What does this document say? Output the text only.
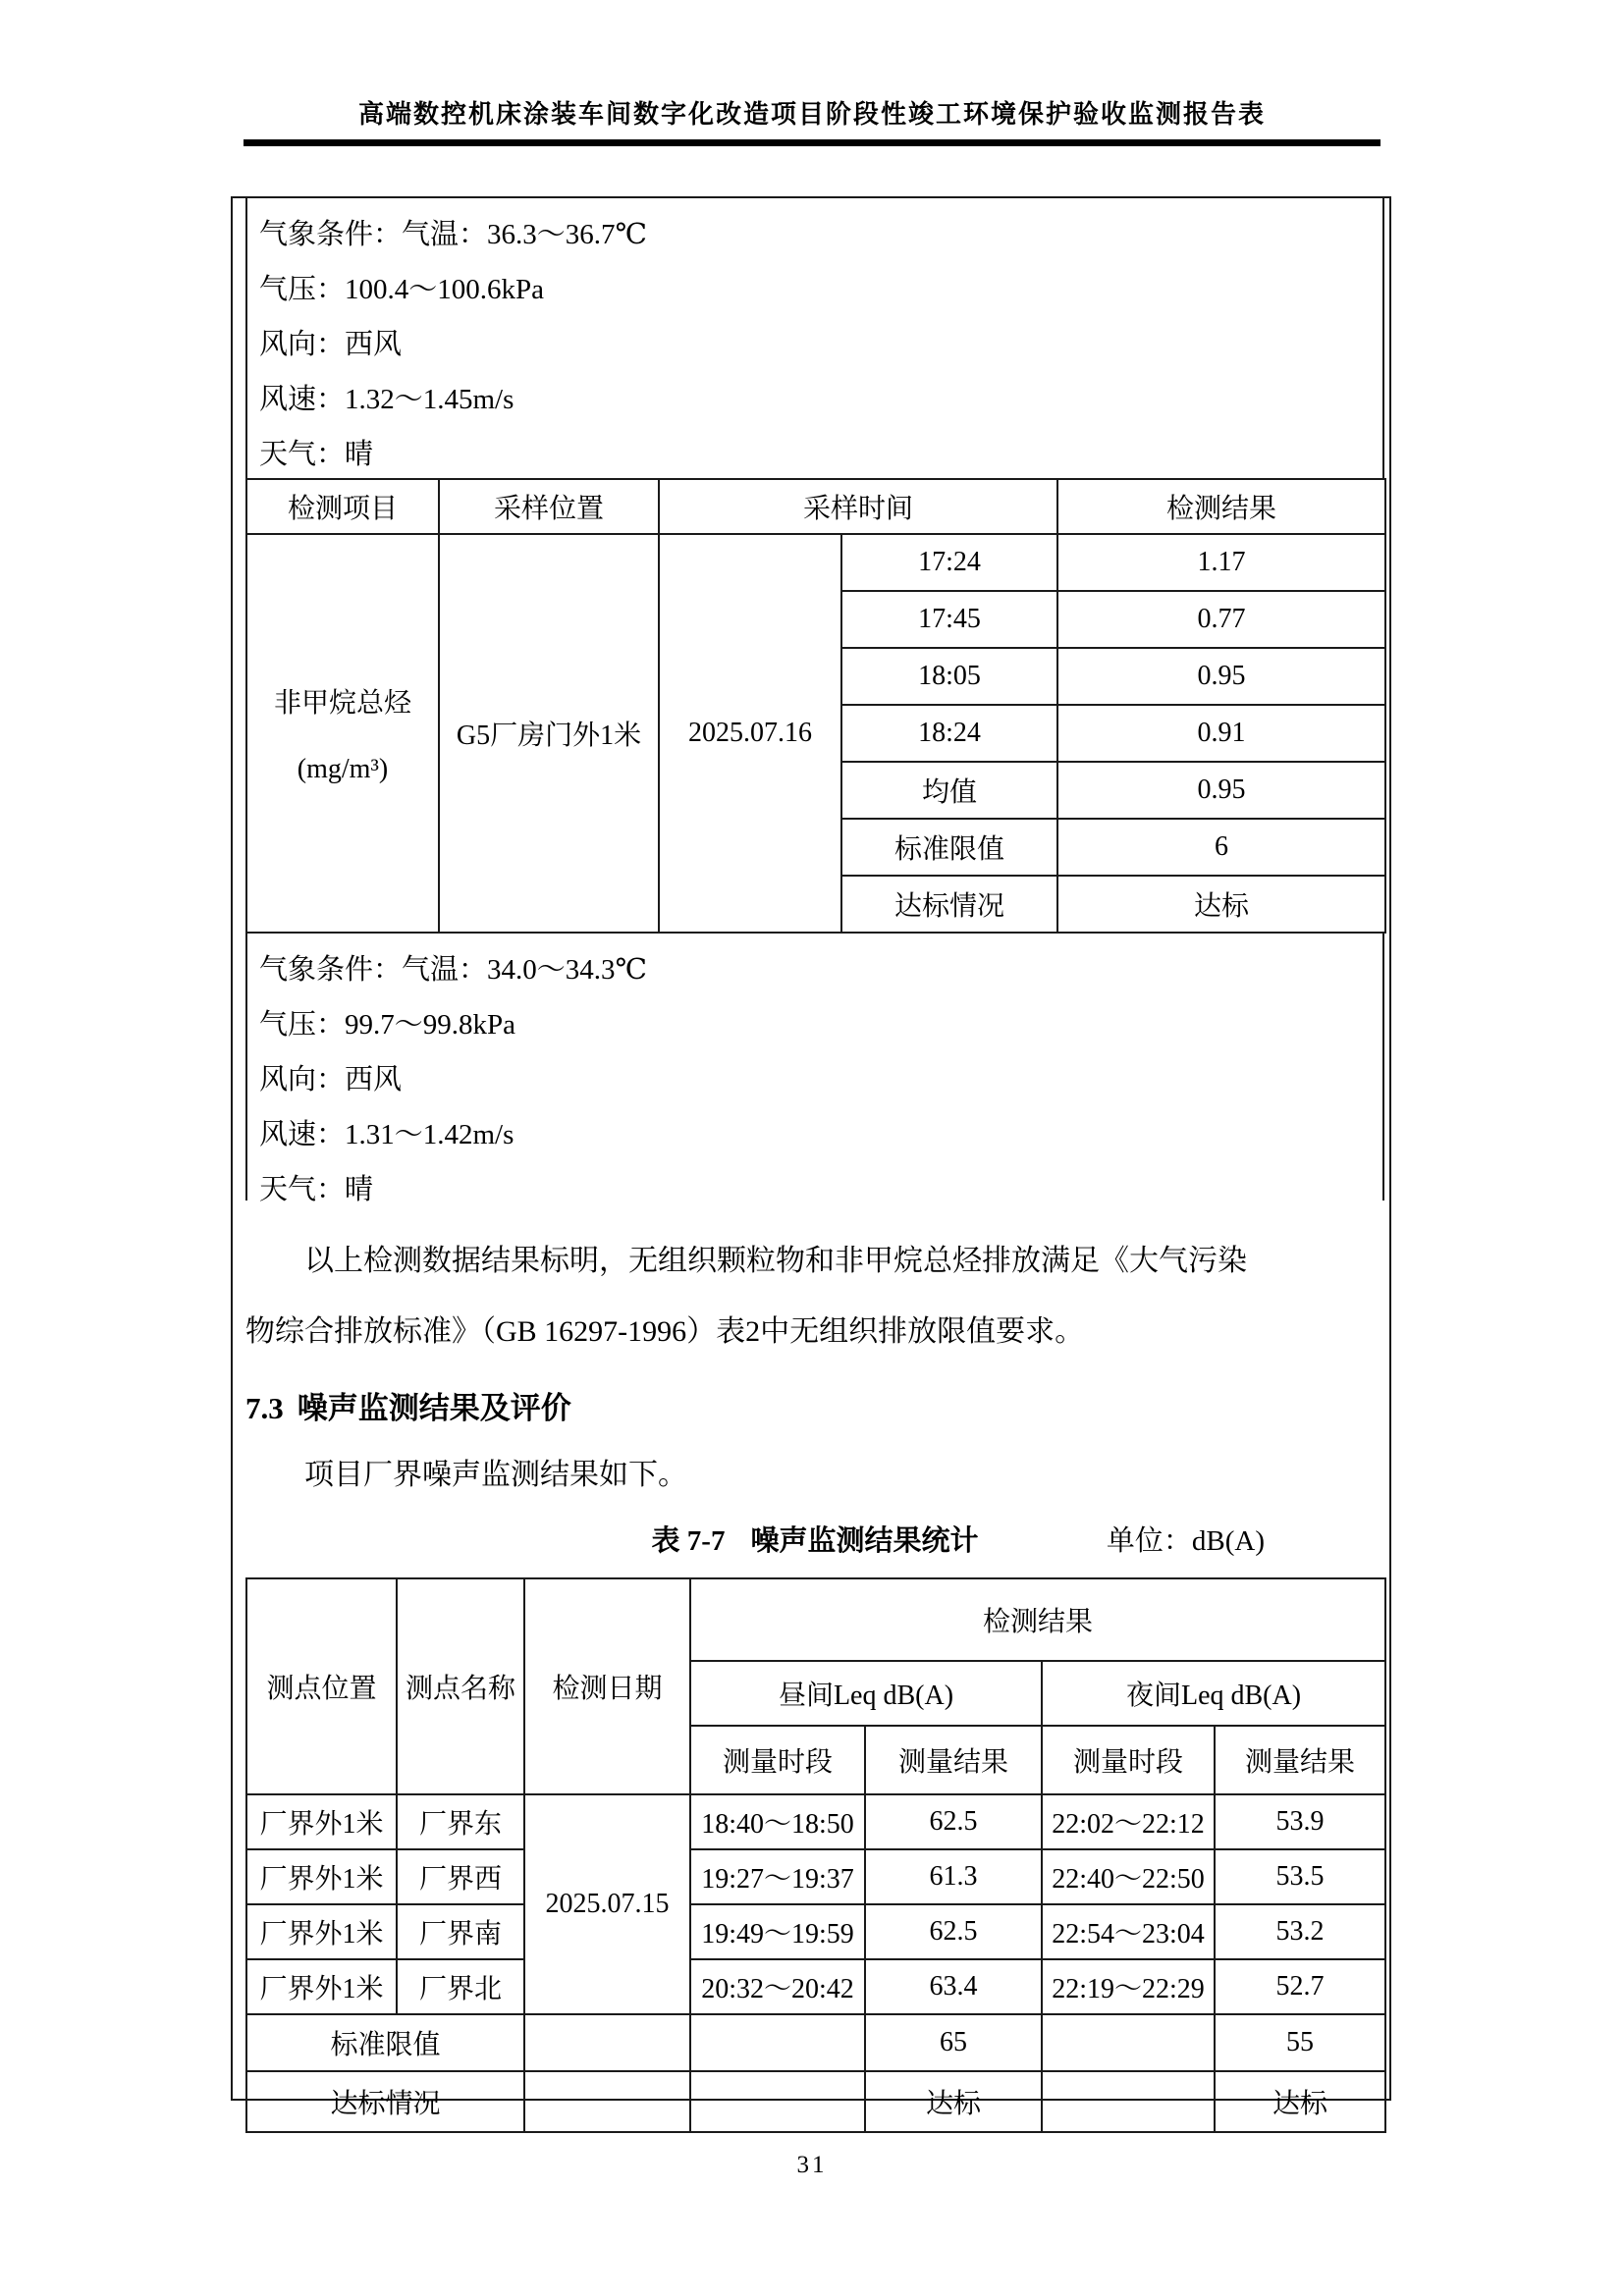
高端数控机床涂装车间数字化改造项目阶段性竣工环境保护验收监测报告表
气象条件：气温：36.3～36.7℃
气压：100.4～100.6kPa
风向：西风
风速：1.32～1.45m/s
天气：晴
检测项目	采样位置	采样时间		检测结果

非甲烷总烃
(mg/m³)	G5厂房门外1米	2025.07.16	17:24	1.17
			17:45	0.77
			18:05	0.95
			18:24	0.91
			均值	0.95
			标准限值	6
			达标情况	达标
气象条件：气温：34.0～34.3℃
气压：99.7～99.8kPa
风向：西风
风速：1.31～1.42m/s
天气：晴
以上检测数据结果标明，无组织颗粒物和非甲烷总烃排放满足《大气污染
物综合排放标准》（GB 16297-1996）表2中无组织排放限值要求。
7.3 噪声监测结果及评价
项目厂界噪声监测结果如下。
表 7-7 噪声监测结果统计	单位：dB(A)
测点位置	测点名称	检测日期	检测结果			
			昼间Leq dB(A)		夜间Leq dB(A)	
			测量时段	测量结果	测量时段	测量结果
厂界外1米	厂界东	2025.07.15	18:40～18:50	62.5	22:02～22:12	53.9
厂界外1米	厂界西		19:27～19:37	61.3	22:40～22:50	53.5
厂界外1米	厂界南		19:49～19:59	62.5	22:54～23:04	53.2
厂界外1米	厂界北		20:32～20:42	63.4	22:19～22:29	52.7
标准限值				65		55
达标情况				达标		达标
31
